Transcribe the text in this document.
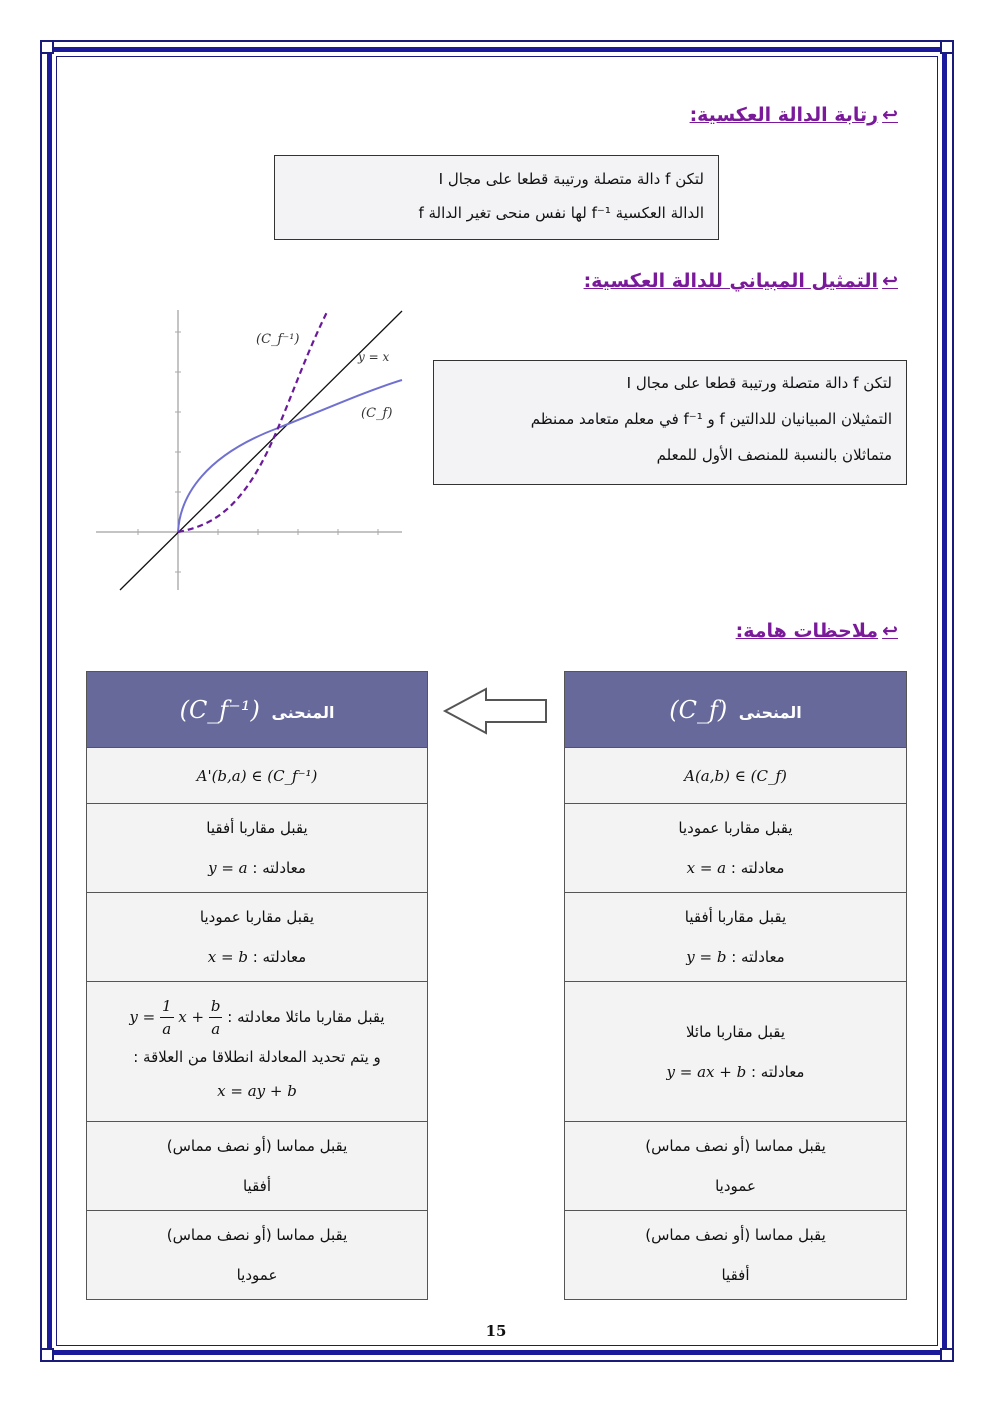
↩رتابة الدالة العكسية:

لتكن f دالة متصلة ورتيبة قطعا على مجال I

الدالة العكسية f⁻¹ لها نفس منحى تغير الدالة f

↩التمثيل المبياني للدالة العكسية:
(C_f⁻¹)
y = x
(C_f)

لتكن f دالة متصلة ورتيبة قطعا على مجال I

التمثيلان المبيانيان للدالتين f و f⁻¹ في معلم متعامد ممنظم

متماثلان بالنسبة للمنصف الأول للمعلم

↩ملاحظات هامة:
المنحنى (C_f)
A(a,b) ∈ (C_f)

يقبل مقاربا عموديا
معادلته : x = a

يقبل مقاربا أفقيا
معادلته : y = b

يقبل مقاربا مائلا
معادلته : y = ax + b

يقبل مماسا (أو نصف مماس)
عموديا

يقبل مماسا (أو نصف مماس)
أفقيا
المنحنى (C_f⁻¹)
A'(b,a) ∈ (C_f⁻¹)

يقبل مقاربا أفقيا
معادلته : y = a

يقبل مقاربا عموديا
معادلته : x = b

يقبل مقاربا مائلا معادلته : $y = \frac{1}{a}$ $x + \frac{b}{a}$
و يتم تحديد المعادلة انطلاقا من العلاقة :
x = ay + b

يقبل مماسا (أو نصف مماس)
أفقيا

يقبل مماسا (أو نصف مماس)
عموديا
15
